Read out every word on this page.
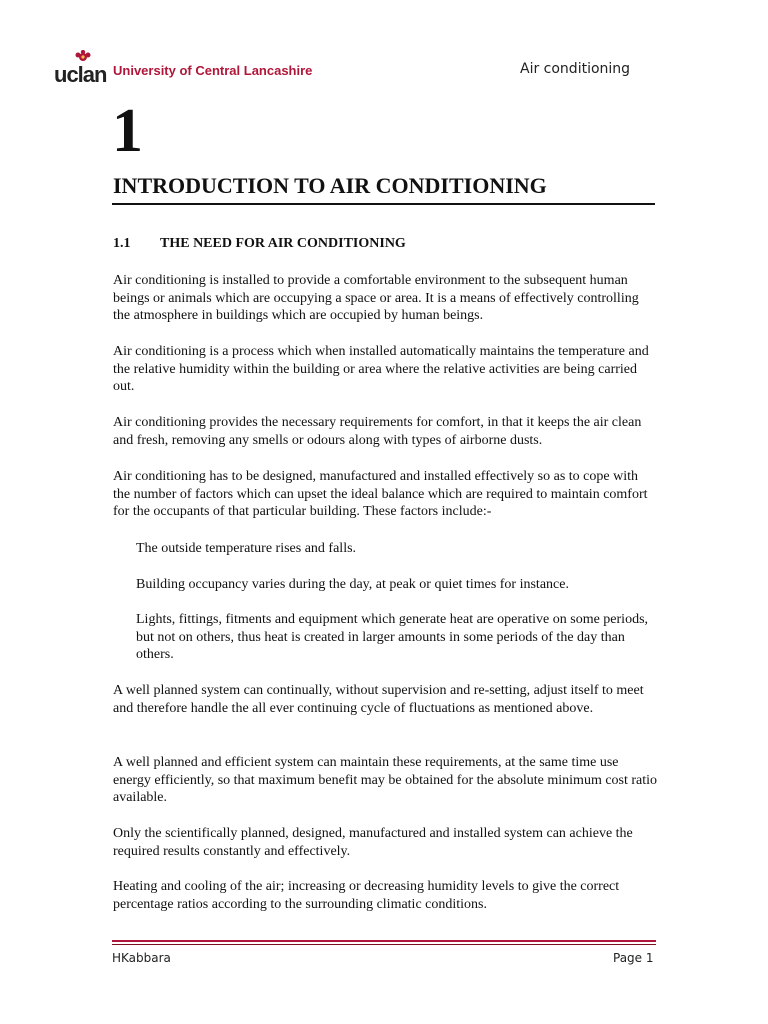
uclan University of Central Lancashire	Air conditioning
1
INTRODUCTION TO AIR CONDITIONING
1.1 THE NEED FOR AIR CONDITIONING

Air conditioning is installed to provide a comfortable environment to the subsequent human beings or animals which are occupying a space or area. It is a means of effectively controlling the atmosphere in buildings which are occupied by human beings.

Air conditioning is a process which when installed automatically maintains the temperature and the relative humidity within the building or area where the relative activities are being carried out.

Air conditioning provides the necessary requirements for comfort, in that it keeps the air clean and fresh, removing any smells or odours along with types of airborne dusts.

Air conditioning has to be designed, manufactured and installed effectively so as to cope with the number of factors which can upset the ideal balance which are required to maintain comfort for the occupants of that particular building. These factors include:-

The outside temperature rises and falls.

Building occupancy varies during the day, at peak or quiet times for instance.

Lights, fittings, fitments and equipment which generate heat are operative on some periods, but not on others, thus heat is created in larger amounts in some periods of the day than others.

A well planned system can continually, without supervision and re-setting, adjust itself to meet and therefore handle the all ever continuing cycle of fluctuations as mentioned above.

A well planned and efficient system can maintain these requirements, at the same time use energy efficiently, so that maximum benefit may be obtained for the absolute minimum cost ratio available.

Only the scientifically planned, designed, manufactured and installed system can achieve the required results constantly and effectively.

Heating and cooling of the air; increasing or decreasing humidity levels to give the correct percentage ratios according to the surrounding climatic conditions.

HKabbara	Page 1
